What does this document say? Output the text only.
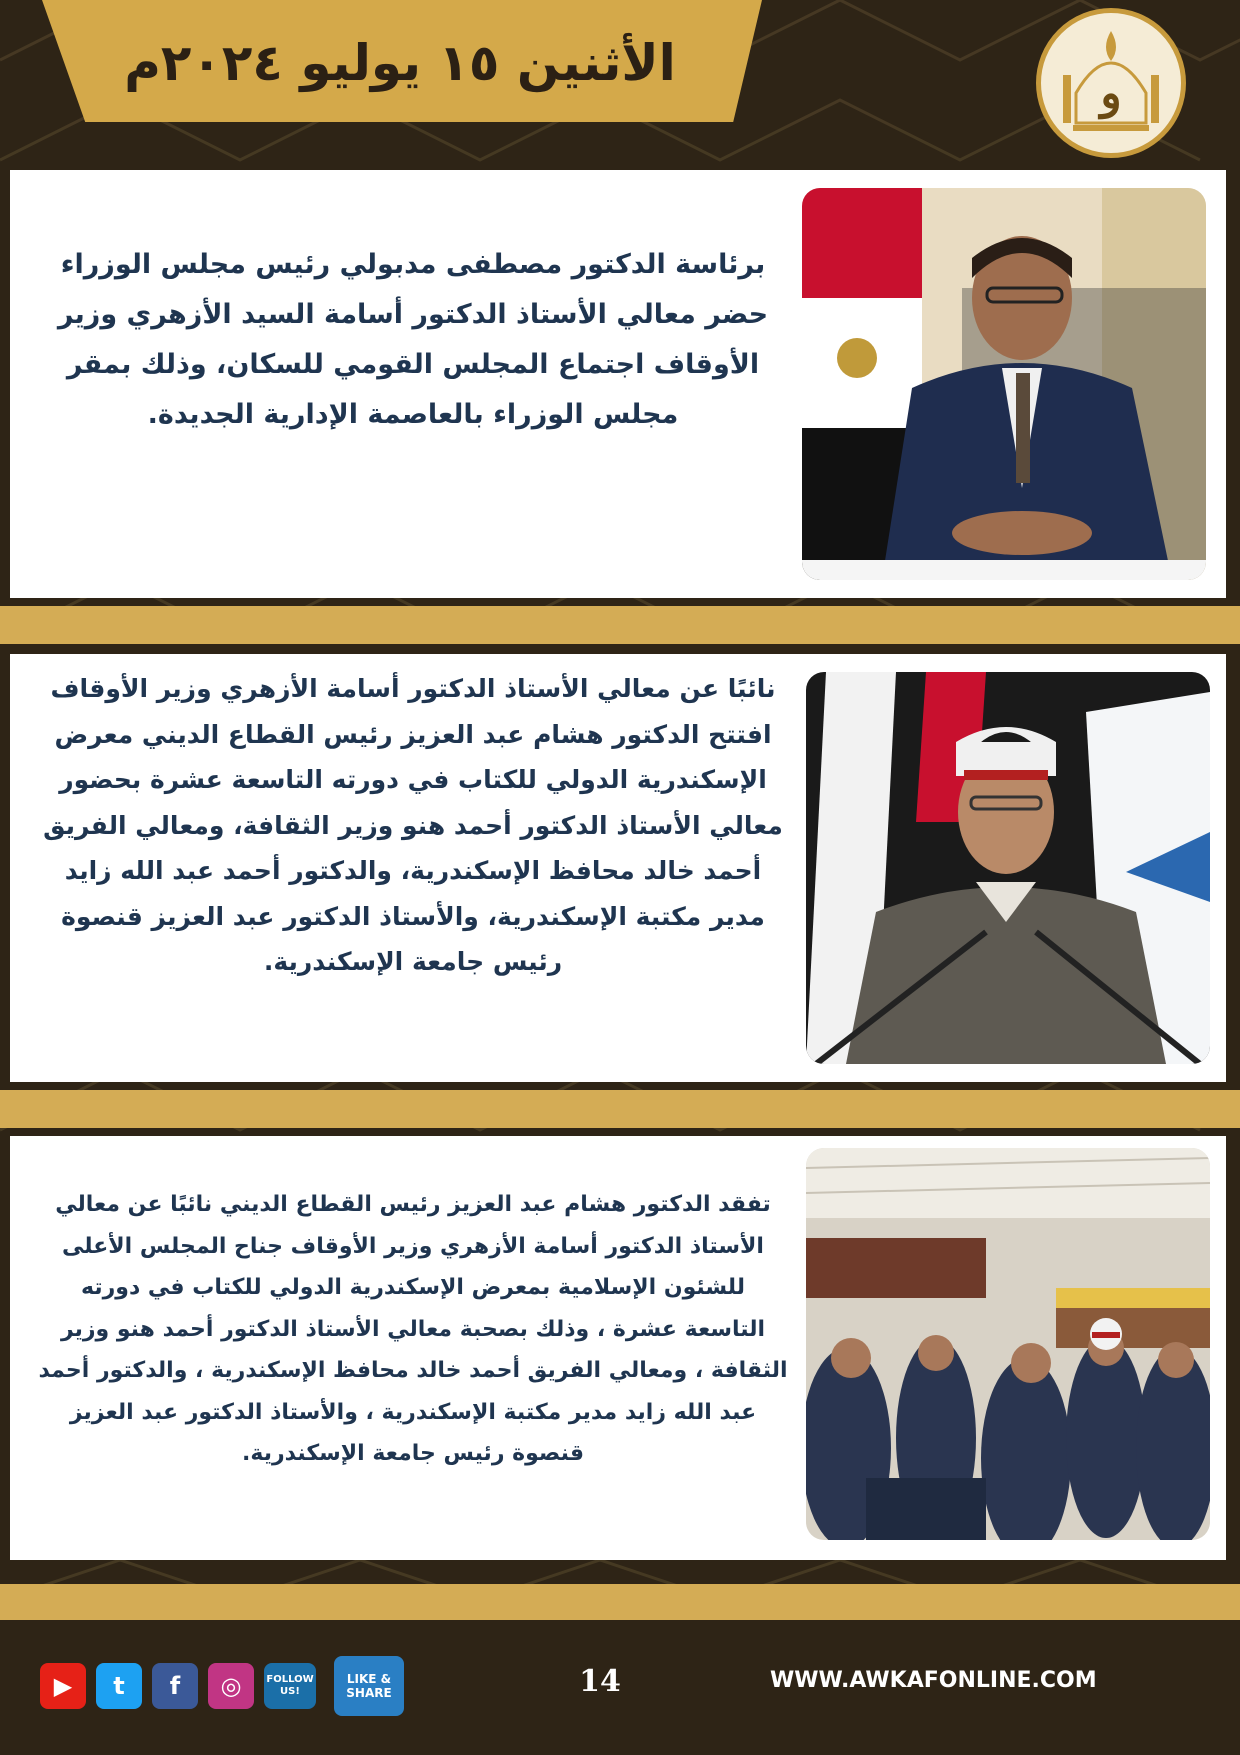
الأثنين ١٥ يوليو ٢٠٢٤م
و
برئاسة الدكتور مصطفى مدبولي رئيس مجلس الوزراء حضر معالي الأستاذ الدكتور أسامة السيد الأزهري وزير الأوقاف اجتماع المجلس القومي للسكان، وذلك بمقر مجلس الوزراء بالعاصمة الإدارية الجديدة.
نائبًا عن معالي الأستاذ الدكتور أسامة الأزهري وزير الأوقاف افتتح الدكتور هشام عبد العزيز رئيس القطاع الديني معرض الإسكندرية الدولي للكتاب في دورته التاسعة عشرة بحضور معالي الأستاذ الدكتور أحمد هنو وزير الثقافة، ومعالي الفريق أحمد خالد محافظ الإسكندرية، والدكتور أحمد عبد الله زايد مدير مكتبة الإسكندرية، والأستاذ الدكتور عبد العزيز قنصوة رئيس جامعة الإسكندرية.
تفقد الدكتور هشام عبد العزيز رئيس القطاع الديني نائبًا عن معالي الأستاذ الدكتور أسامة الأزهري وزير الأوقاف جناح المجلس الأعلى للشئون الإسلامية بمعرض الإسكندرية الدولي للكتاب في دورته التاسعة عشرة ، وذلك بصحبة معالي الأستاذ الدكتور أحمد هنو وزير الثقافة ، ومعالي الفريق أحمد خالد محافظ الإسكندرية ، والدكتور أحمد عبد الله زايد مدير مكتبة الإسكندرية ، والأستاذ الدكتور عبد العزيز قنصوة رئيس جامعة الإسكندرية.
▶	t	f	◎	FOLLOW US!
LIKE & SHARE	14	WWW.AWKAFONLINE.COM
